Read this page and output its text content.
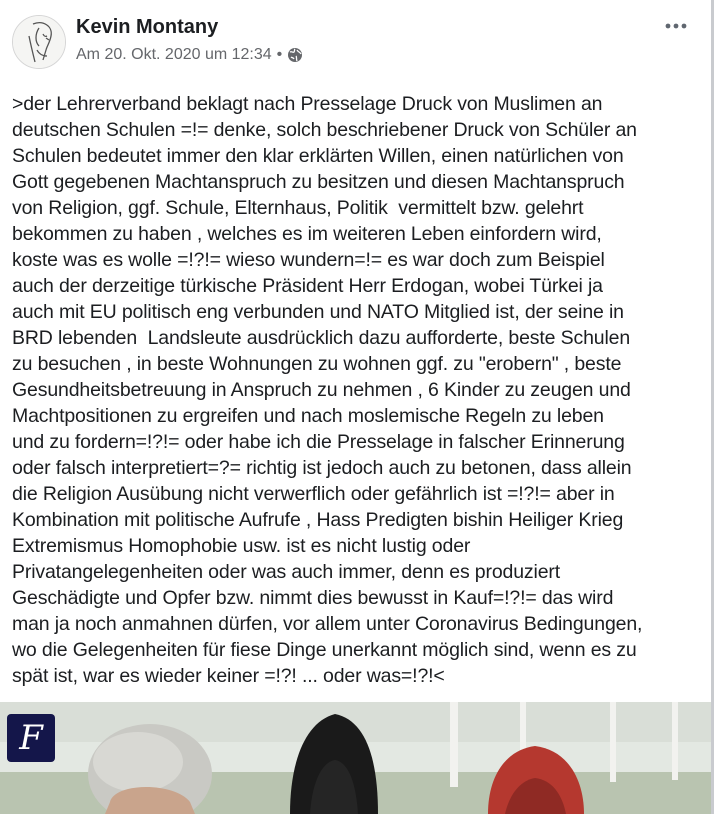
Kevin Montany
Am 20. Okt. 2020 um 12:34 •
>der Lehrerverband beklagt nach Presselage Druck von Muslimen an
deutschen Schulen =!= denke, solch beschriebener Druck von Schüler an
Schulen bedeutet immer den klar erklärten Willen, einen natürlichen von
Gott gegebenen Machtanspruch zu besitzen und diesen Machtanspruch
von Religion, ggf. Schule, Elternhaus, Politik  vermittelt bzw. gelehrt
bekommen zu haben , welches es im weiteren Leben einfordern wird,
koste was es wolle =!?!= wieso wundern=!= es war doch zum Beispiel
auch der derzeitige türkische Präsident Herr Erdogan, wobei Türkei ja
auch mit EU politisch eng verbunden und NATO Mitglied ist, der seine in
BRD lebenden  Landsleute ausdrücklich dazu aufforderte, beste Schulen
zu besuchen , in beste Wohnungen zu wohnen ggf. zu "erobern" , beste
Gesundheitsbetreuung in Anspruch zu nehmen , 6 Kinder zu zeugen und
Machtpositionen zu ergreifen und nach moslemische Regeln zu leben
und zu fordern=!?!= oder habe ich die Presselage in falscher Erinnerung
oder falsch interpretiert=?= richtig ist jedoch auch zu betonen, dass allein
die Religion Ausübung nicht verwerflich oder gefährlich ist =!?!= aber in
Kombination mit politische Aufrufe , Hass Predigten bishin Heiliger Krieg
Extremismus Homophobie usw. ist es nicht lustig oder
Privatangelegenheiten oder was auch immer, denn es produziert
Geschädigte und Opfer bzw. nimmt dies bewusst in Kauf=!?!= das wird
man ja noch anmahnen dürfen, vor allem unter Coronavirus Bedingungen,
wo die Gelegenheiten für fiese Dinge unerkannt möglich sind, wenn es zu
spät ist, war es wieder keiner =!?! ... oder was=!?!<
F
